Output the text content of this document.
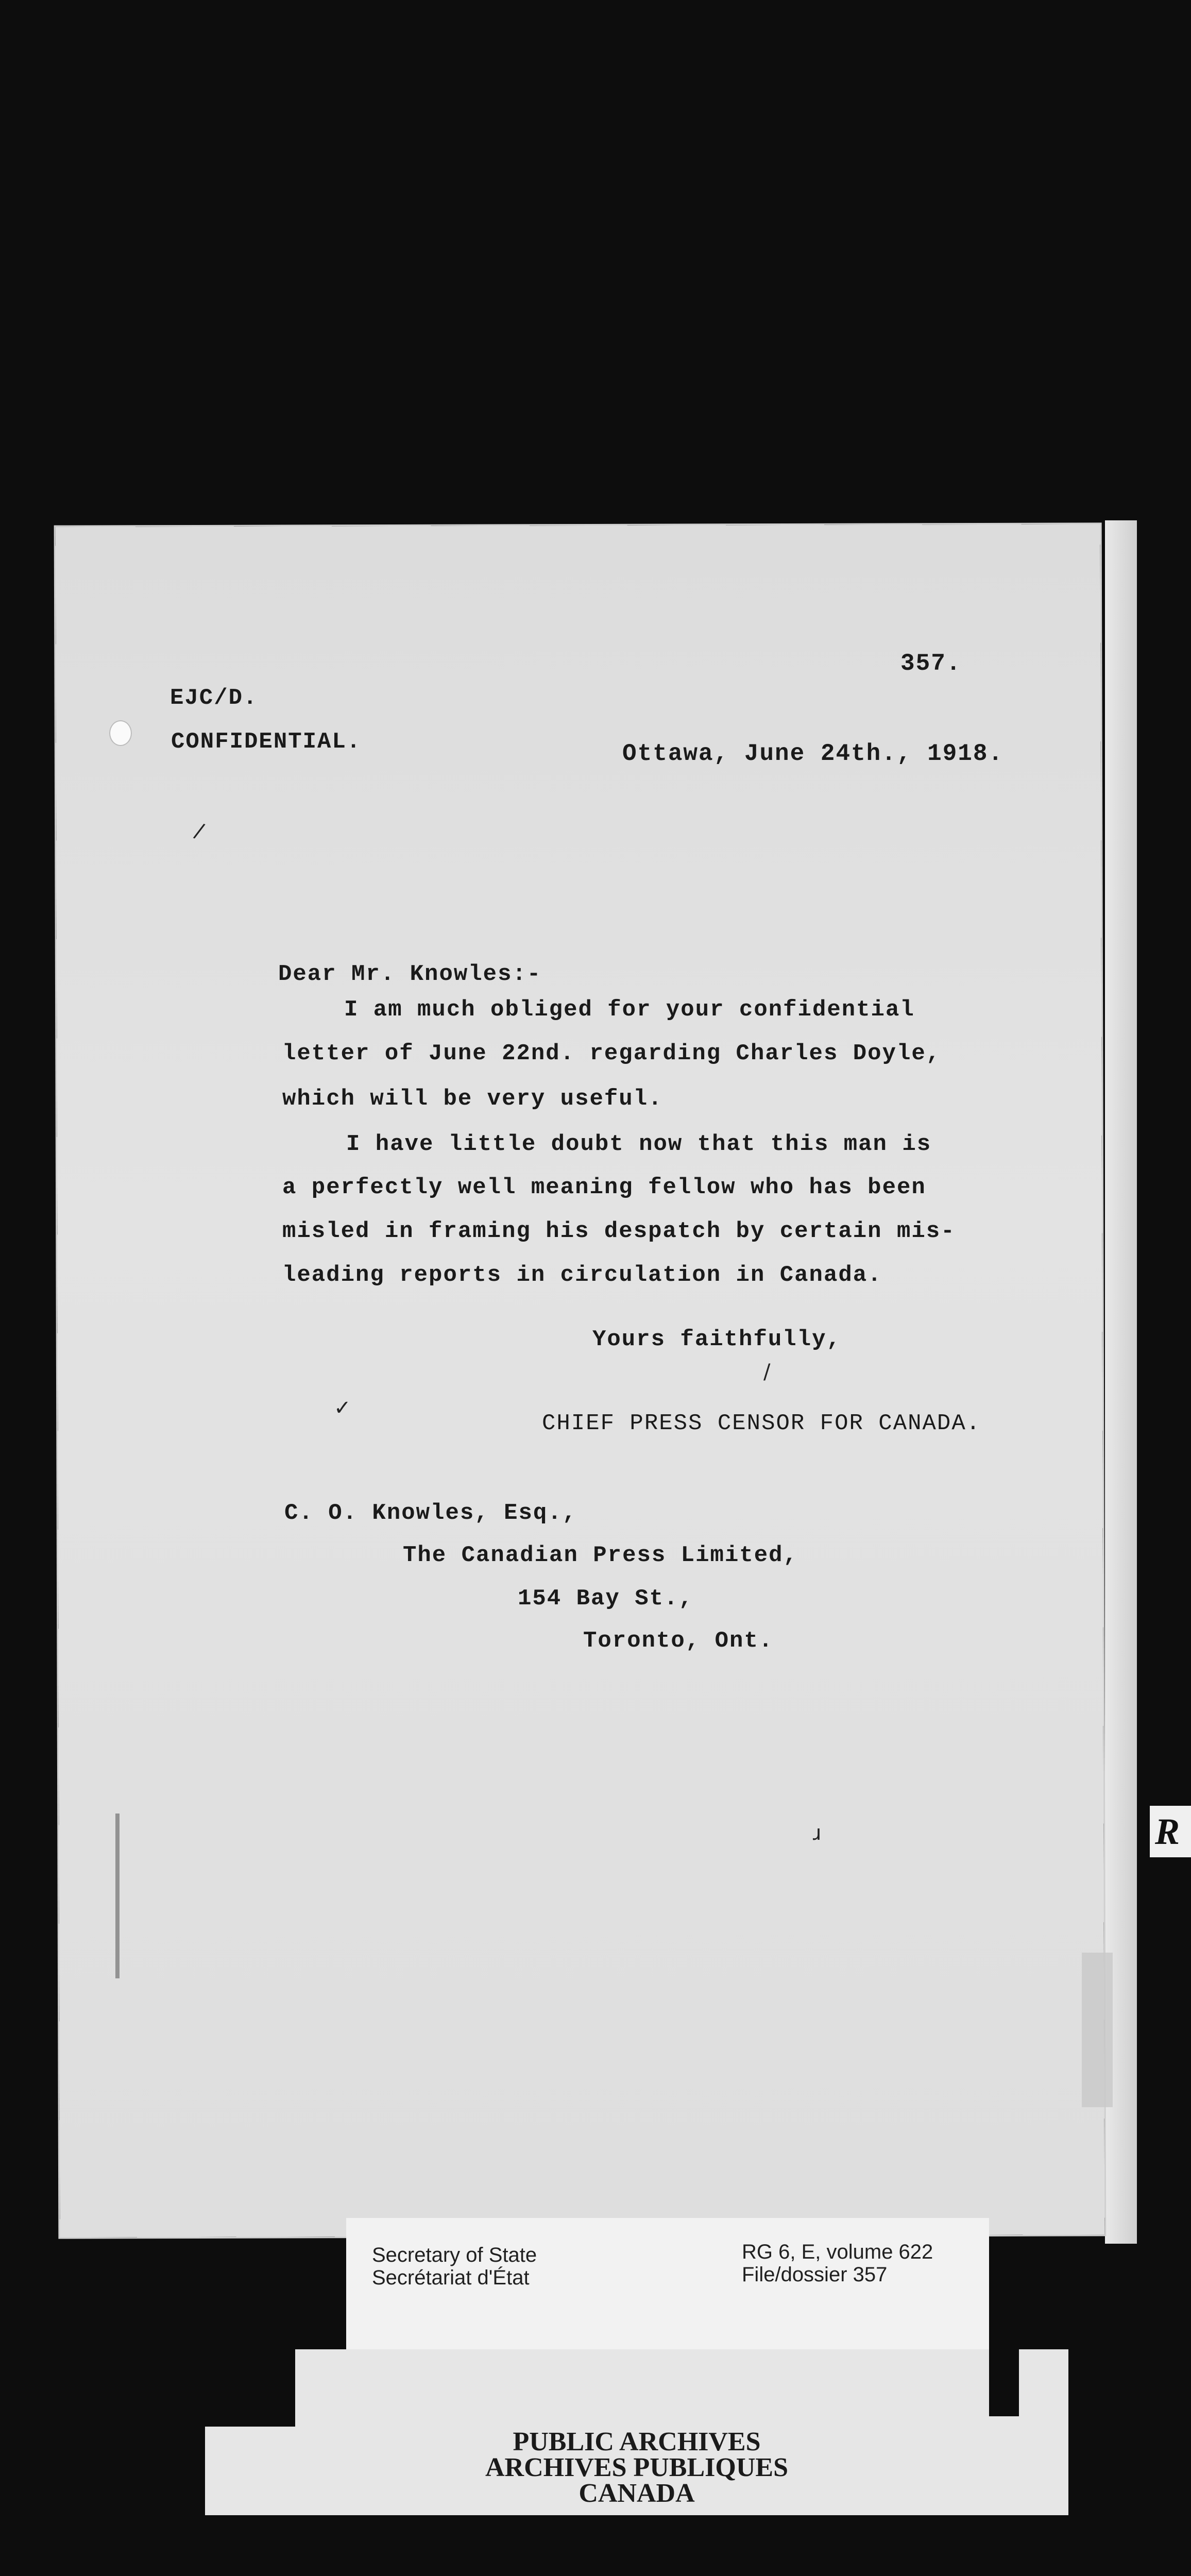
357.
EJC/D.
CONFIDENTIAL.	Ottawa, June 24th., 1918.
Dear Mr. Knowles:-
I am much obliged for your confidential
letter of June 22nd. regarding Charles Doyle,
which will be very useful.
I have little doubt now that this man is
a perfectly well meaning fellow who has been
misled in framing his despatch by certain mis-
leading reports in circulation in Canada.
Yours faithfully,
CHIEF PRESS CENSOR FOR CANADA.
C. O. Knowles, Esq.,
The Canadian Press Limited,
154 Bay St.,
Toronto, Ont.
/
/
✓
ɹ
Secretary of State
Secrétariat d'État
RG 6, E, volume 622
File/dossier 357
PUBLIC ARCHIVES
ARCHIVES PUBLIQUES
CANADA
R
